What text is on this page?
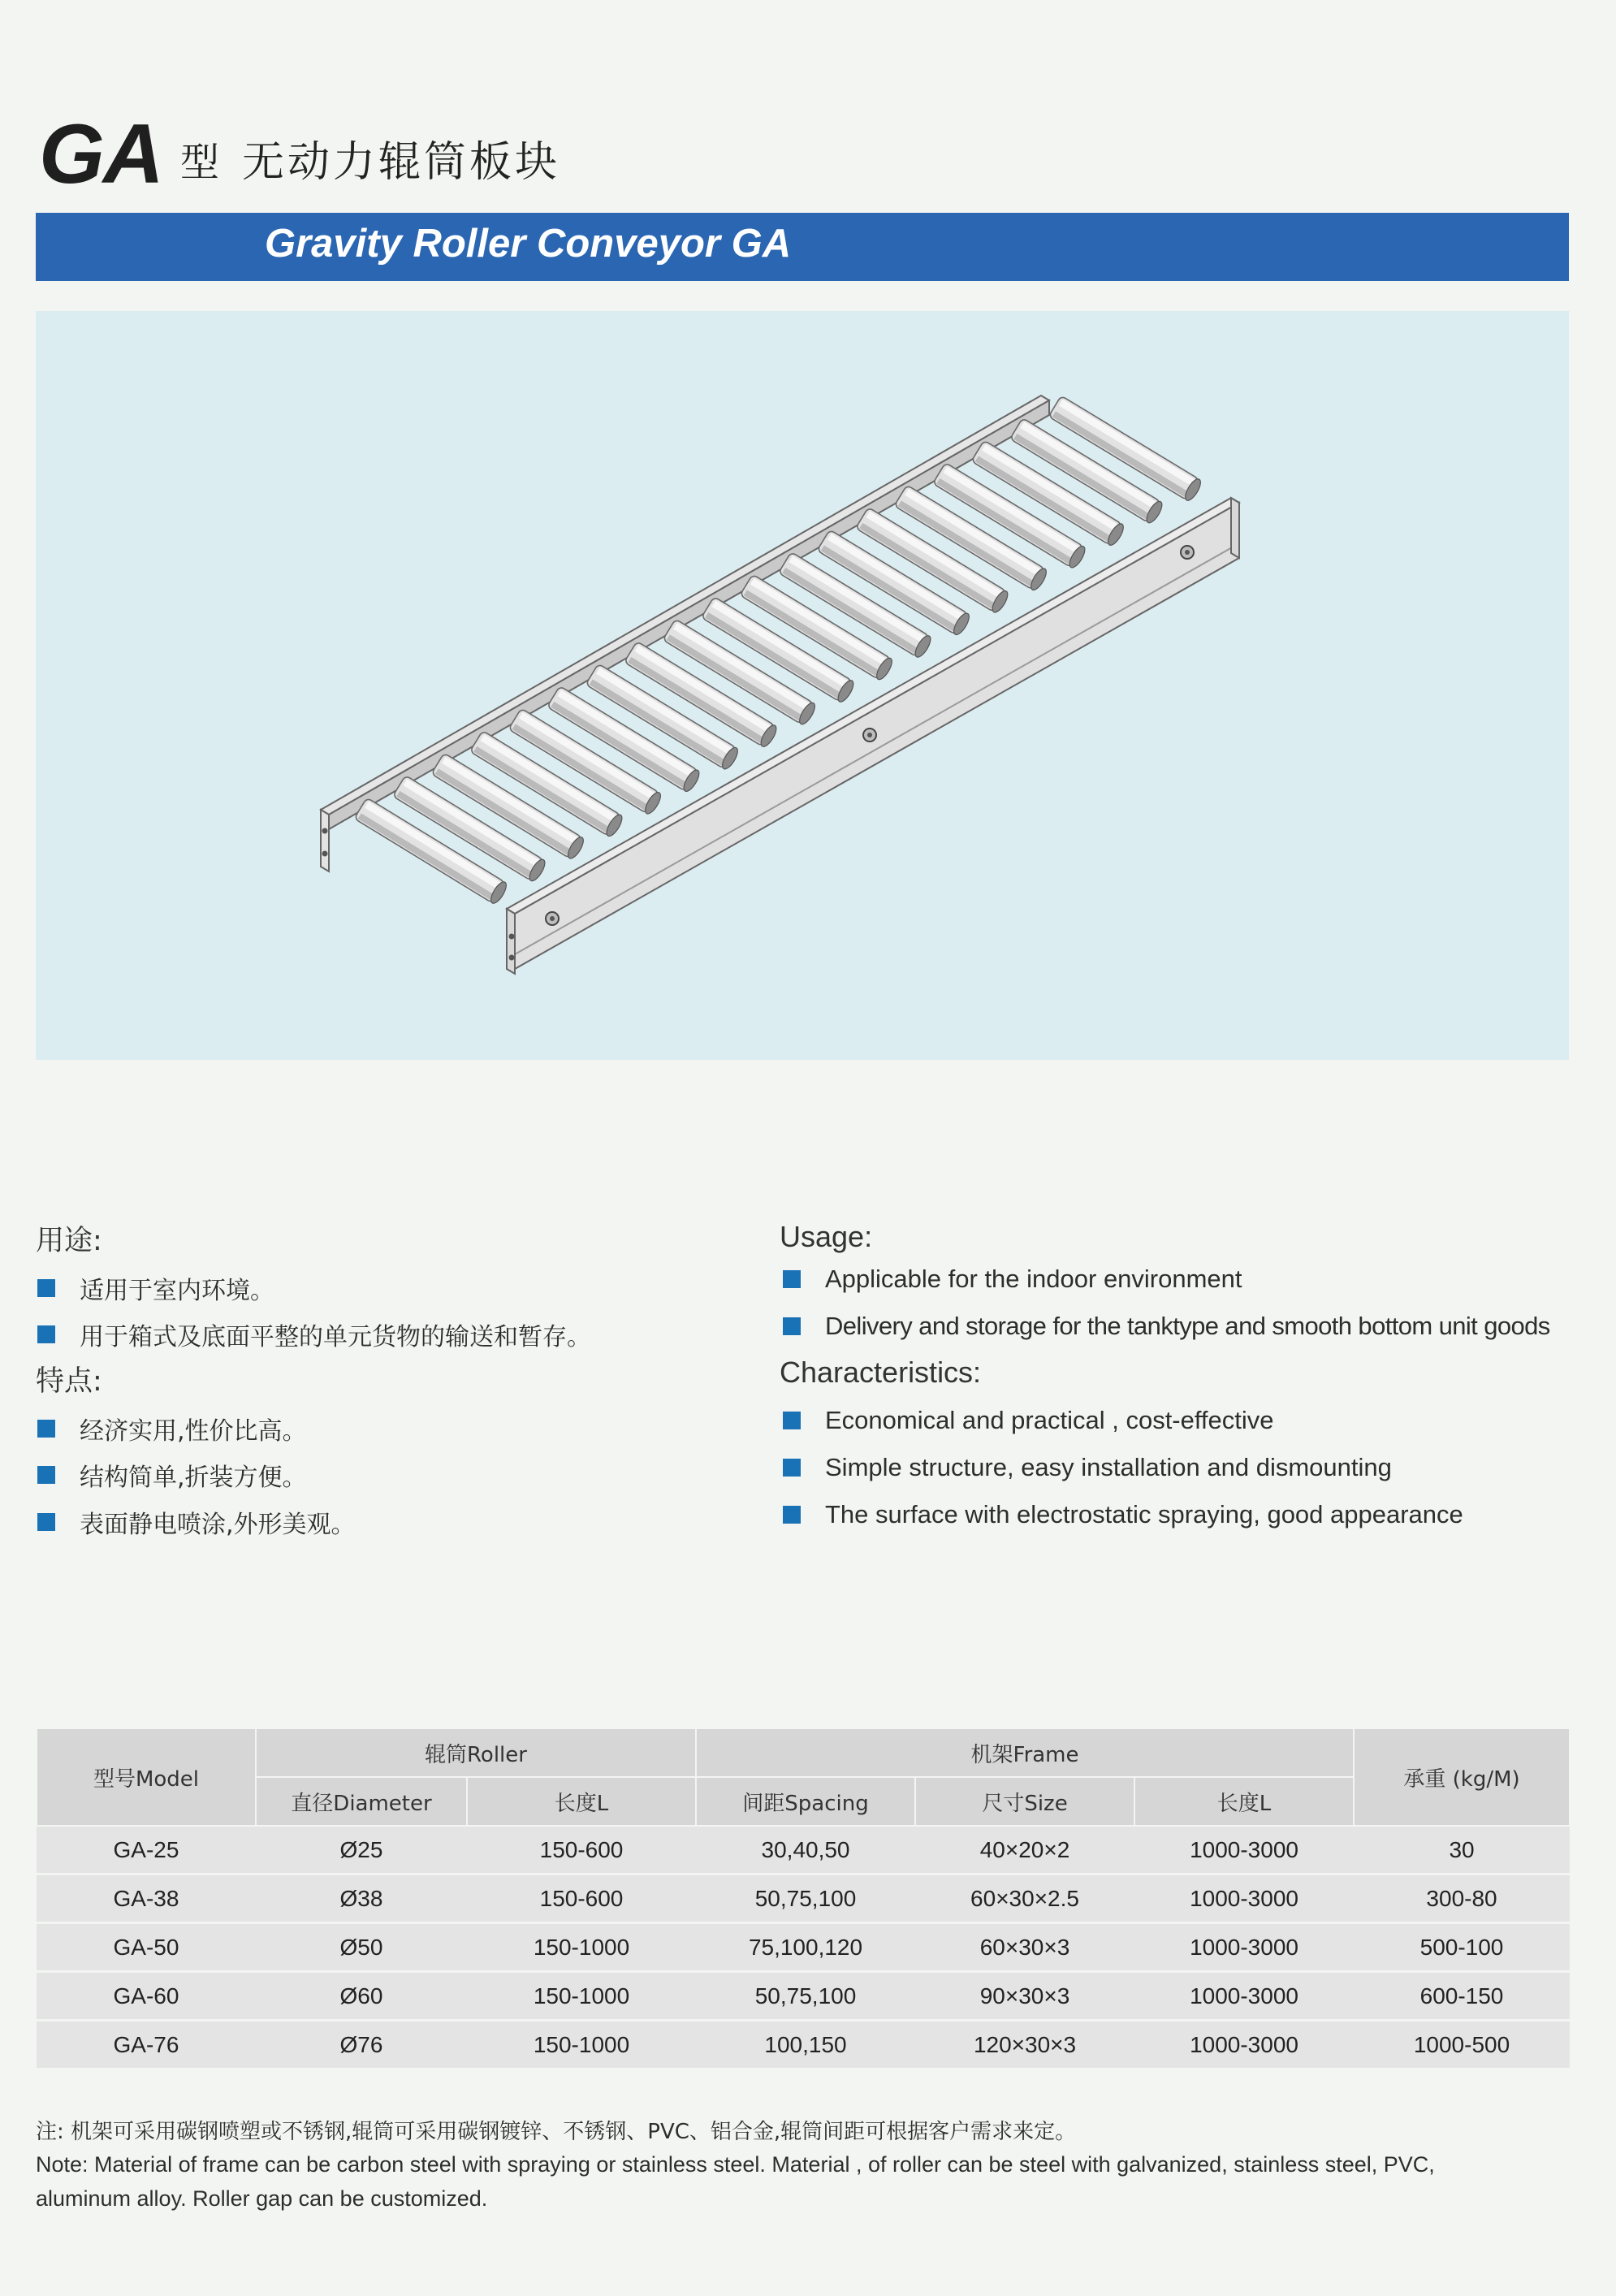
GA 型 无动力辊筒板块
Gravity Roller Conveyor GA
用途:
适用于室内环境。
用于箱式及底面平整的单元货物的输送和暂存。
特点:
经济实用,性价比高。
结构简单,折装方便。
表面静电喷涂,外形美观。
Usage:
Applicable for the indoor environment
Delivery and storage for the tanktype and smooth bottom unit goods
Characteristics:
Economical and practical , cost-effective
Simple structure, easy installation and dismounting
The surface with electrostatic spraying, good appearance
型号Model	辊筒Roller		机架Frame			承重 (kg/M)
	直径Diameter	长度L	间距Spacing	尺寸Size	长度L	
GA-25	Ø25	150-600	30,40,50	40×20×2	1000-3000	30
GA-38	Ø38	150-600	50,75,100	60×30×2.5	1000-3000	300-80
GA-50	Ø50	150-1000	75,100,120	60×30×3	1000-3000	500-100
GA-60	Ø60	150-1000	50,75,100	90×30×3	1000-3000	600-150
GA-76	Ø76	150-1000	100,150	120×30×3	1000-3000	1000-500
注: 机架可采用碳钢喷塑或不锈钢,辊筒可采用碳钢镀锌、不锈钢、PVC、铝合金,辊筒间距可根据客户需求来定。
Note: Material of frame can be carbon steel with spraying or stainless steel. Material , of roller can be steel with galvanized, stainless steel, PVC,
aluminum alloy. Roller gap can be customized.
